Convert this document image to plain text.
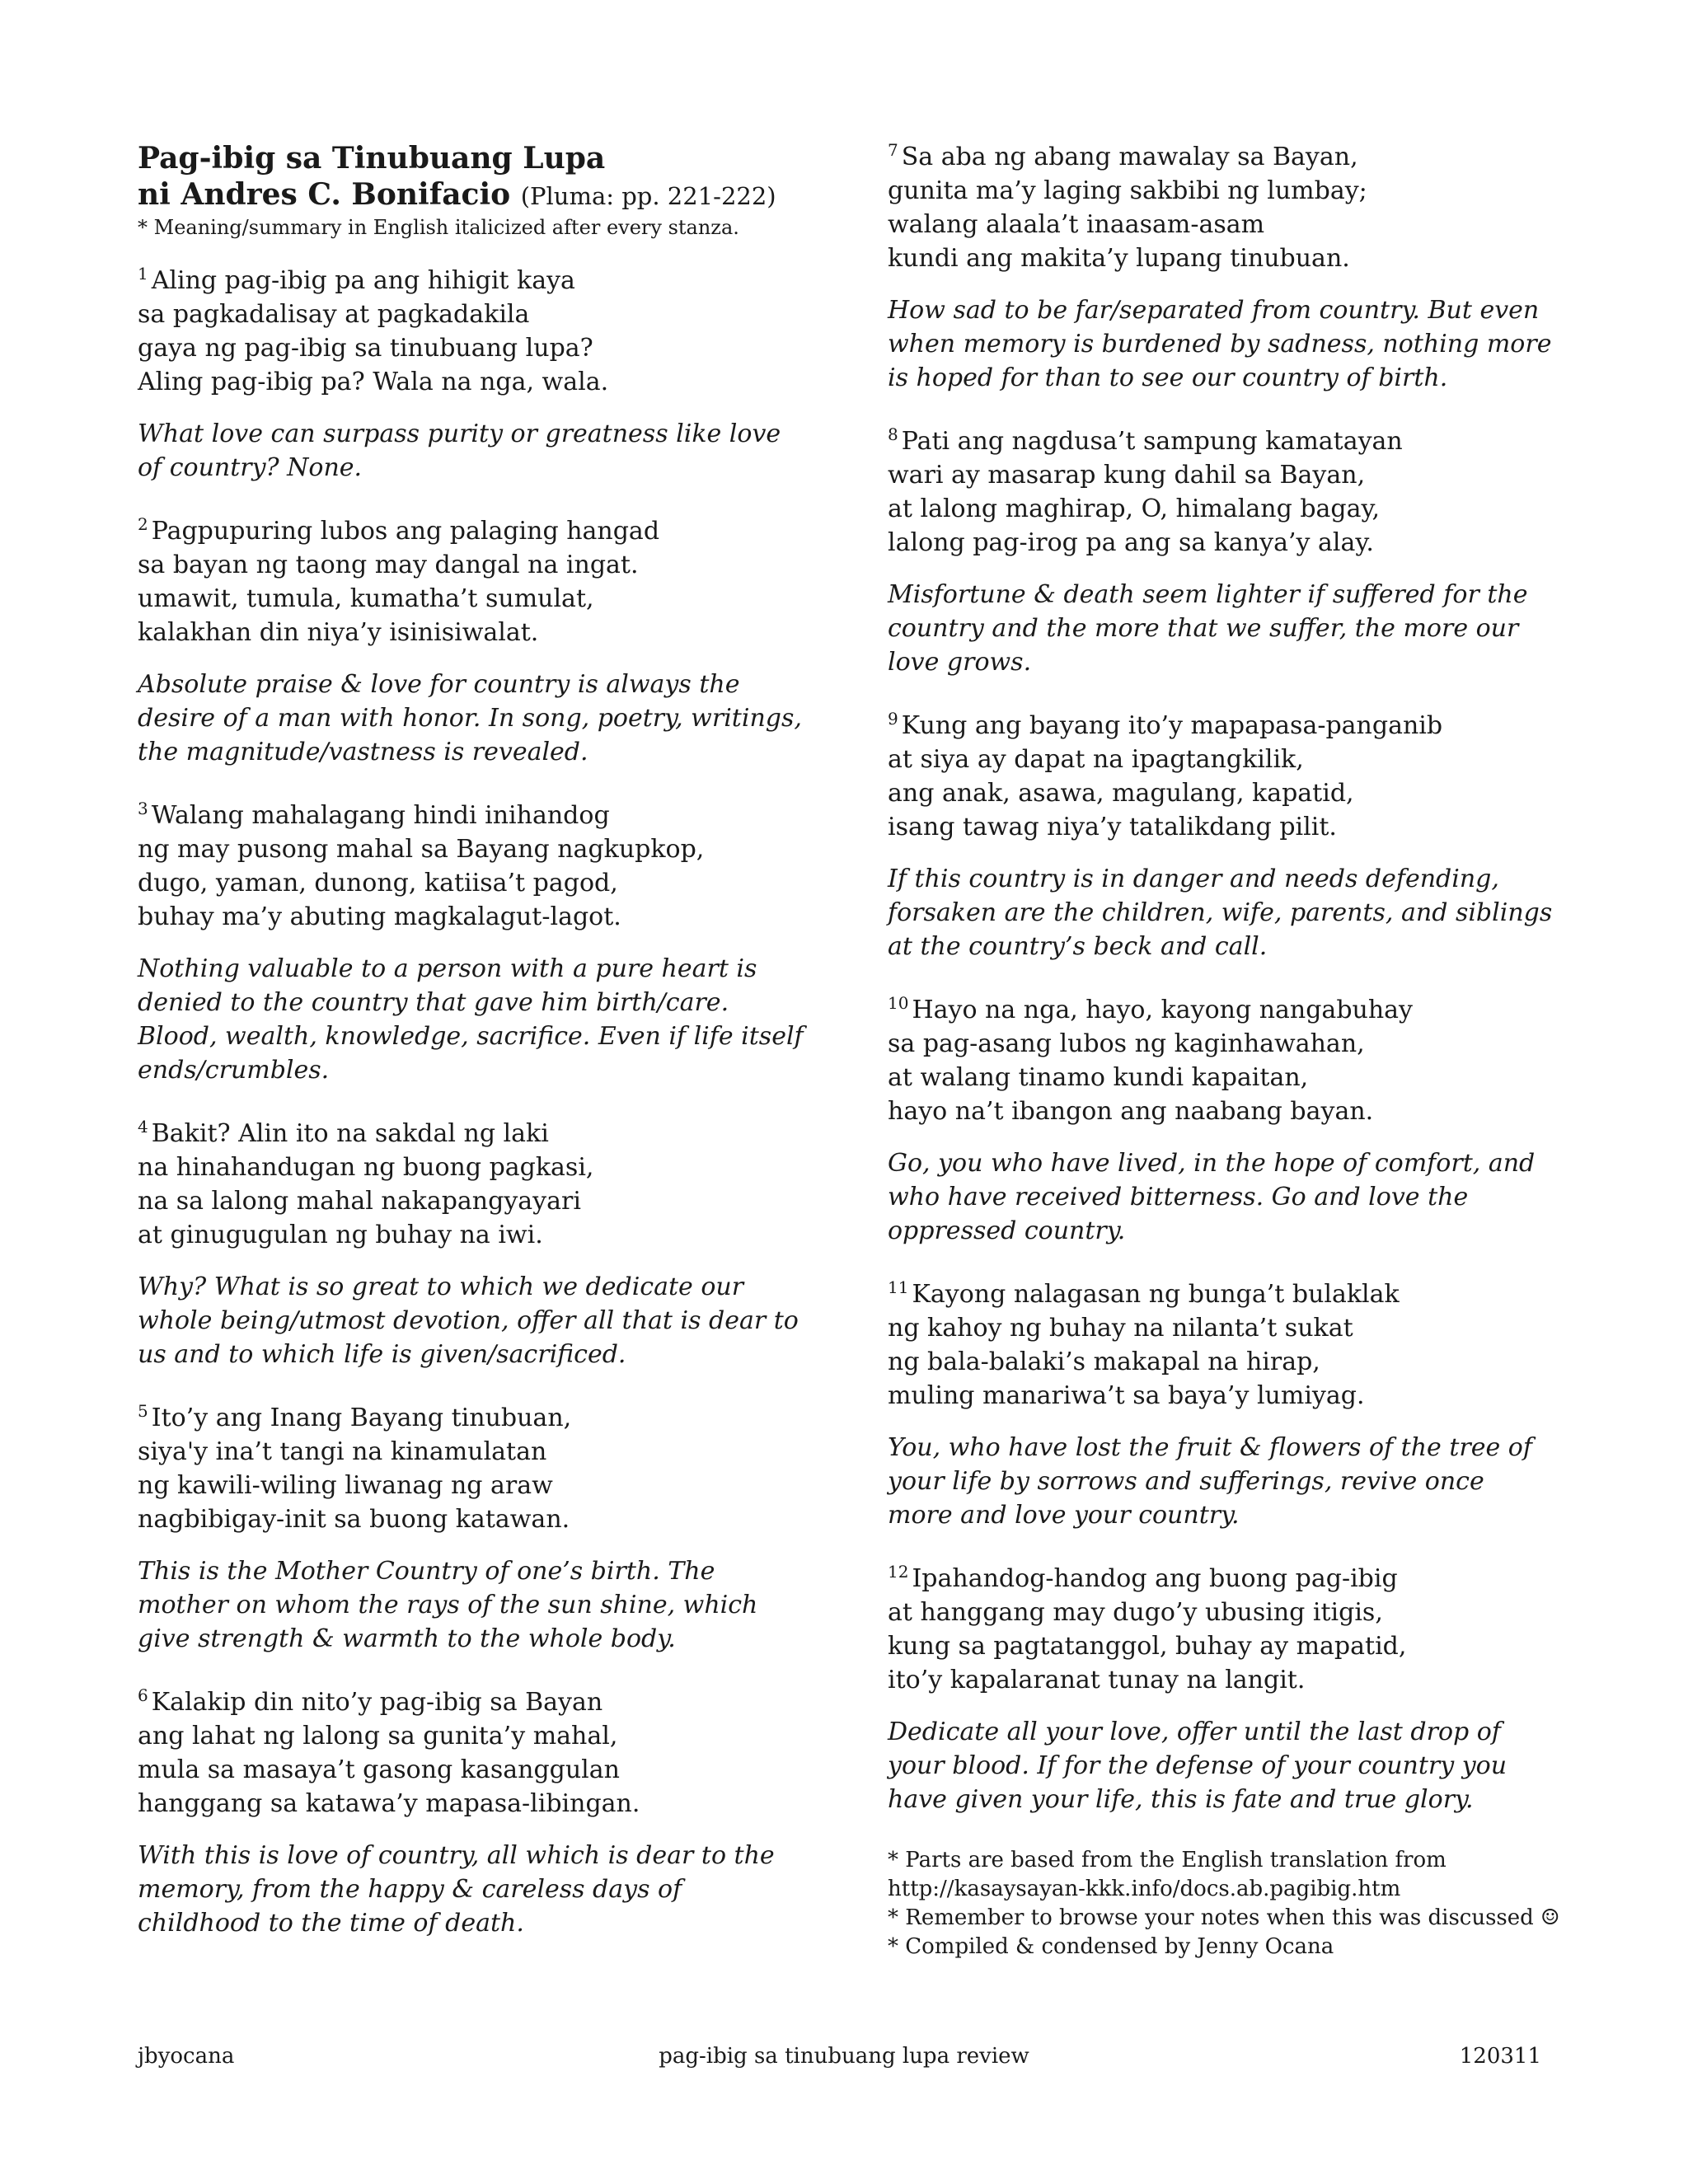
Pag-ibig sa Tinubuang Lupa

ni Andres C. Bonifacio (Pluma: pp. 221-222)

* Meaning/summary in English italicized after every stanza.

$^1$ Aling pag-ibig pa ang hihigit kaya
sa pagkadalisay at pagkadakila
gaya ng pag-ibig sa tinubuang lupa?
Aling pag-ibig pa? Wala na nga, wala.

What love can surpass purity or greatness like love of country? None.

$^2$ Pagpupuring lubos ang palaging hangad
sa bayan ng taong may dangal na ingat.
umawit, tumula, kumatha’t sumulat,
kalakhan din niya’y isinisiwalat.

Absolute praise & love for country is always the desire of a man with honor. In song, poetry, writings, the magnitude/vastness is revealed.

$^3$ Walang mahalagang hindi inihandog
ng may pusong mahal sa Bayang nagkupkop,
dugo, yaman, dunong, katiisa’t pagod,
buhay ma’y abuting magkalagut-lagot.

Nothing valuable to a person with a pure heart is denied to the country that gave him birth/care. Blood, wealth, knowledge, sacrifice. Even if life itself ends/crumbles.

$^4$ Bakit? Alin ito na sakdal ng laki
na hinahandugan ng buong pagkasi,
na sa lalong mahal nakapangyayari
at ginugugulan ng buhay na iwi.

Why? What is so great to which we dedicate our whole being/utmost devotion, offer all that is dear to us and to which life is given/sacrificed.

$^5$ Ito’y ang Inang Bayang tinubuan,
siya'y ina’t tangi na kinamulatan
ng kawili-wiling liwanag ng araw
nagbibigay-init sa buong katawan.

This is the Mother Country of one’s birth. The mother on whom the rays of the sun shine, which give strength & warmth to the whole body.

$^6$ Kalakip din nito’y pag-ibig sa Bayan
ang lahat ng lalong sa gunita’y mahal,
mula sa masaya’t gasong kasanggulan
hanggang sa katawa’y mapasa-libingan.

With this is love of country, all which is dear to the memory, from the happy & careless days of childhood to the time of death.

$^7$ Sa aba ng abang mawalay sa Bayan,
gunita ma’y laging sakbibi ng lumbay;
walang alaala’t inaasam-asam
kundi ang makita’y lupang tinubuan.

How sad to be far/separated from country. But even when memory is burdened by sadness, nothing more is hoped for than to see our country of birth.

$^8$ Pati ang nagdusa’t sampung kamatayan
wari ay masarap kung dahil sa Bayan,
at lalong maghirap, O, himalang bagay,
lalong pag-irog pa ang sa kanya’y alay.

Misfortune & death seem lighter if suffered for the country and the more that we suffer, the more our love grows.

$^9$ Kung ang bayang ito’y mapapasa-panganib
at siya ay dapat na ipagtangkilik,
ang anak, asawa, magulang, kapatid,
isang tawag niya’y tatalikdang pilit.

If this country is in danger and needs defending, forsaken are the children, wife, parents, and siblings at the country’s beck and call.

$^{10}$ Hayo na nga, hayo, kayong nangabuhay
sa pag-asang lubos ng kaginhawahan,
at walang tinamo kundi kapaitan,
hayo na’t ibangon ang naabang bayan.

Go, you who have lived, in the hope of comfort, and who have received bitterness. Go and love the oppressed country.

$^{11}$ Kayong nalagasan ng bunga’t bulaklak
ng kahoy ng buhay na nilanta’t sukat
ng bala-balaki’s makapal na hirap,
muling manariwa’t sa baya’y lumiyag.

You, who have lost the fruit & flowers of the tree of your life by sorrows and sufferings, revive once more and love your country.

$^{12}$ Ipahandog-handog ang buong pag-ibig
at hanggang may dugo’y ubusing itigis,
kung sa pagtatanggol, buhay ay mapatid,
ito’y kapalaranat tunay na langit.

Dedicate all your love, offer until the last drop of your blood. If for the defense of your country you have given your life, this is fate and true glory.

* Parts are based from the English translation from
http://kasaysayan-kkk.info/docs.ab.pagibig.htm
* Remember to browse your notes when this was discussed ☺
* Compiled & condensed by Jenny Ocana
jbyocana	pag-ibig sa tinubuang lupa review	120311
